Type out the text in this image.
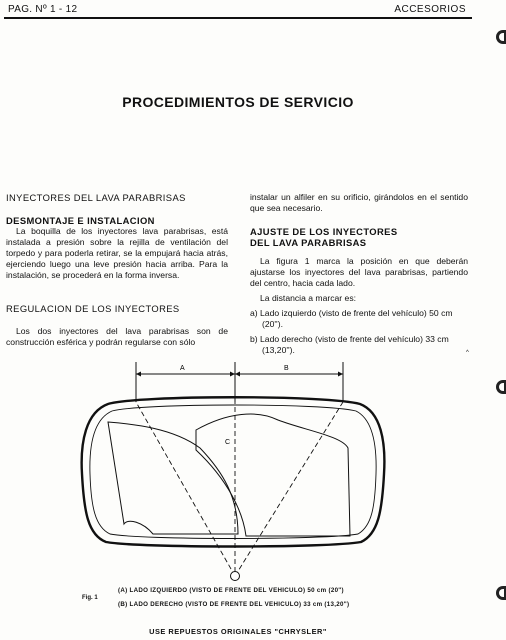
PAG. Nº 1 - 12	ACCESORIOS
PROCEDIMIENTOS DE SERVICIO

INYECTORES DEL LAVA PARABRISAS

DESMONTAJE E INSTALACION

La boquilla de los inyectores lava parabrisas, está instalada a presión sobre la rejilla de ventilación del torpedo y para poderla retirar, se la empujará hacia atrás, ejerciendo luego una leve presión hacia arriba. Para la instalación, se procederá en la forma inversa.

REGULACION DE LOS INYECTORES

Los dos inyectores del lava parabrisas son de construcción esférica y podrán regularse con sólo

instalar un alfiler en su orificio, girándolos en el sentido que sea necesario.

AJUSTE DE LOS INYECTORES

DEL LAVA PARABRISAS

La figura 1 marca la posición en que deberán ajustarse los inyectores del lava parabrisas, partiendo del centro, hacia cada lado.

La distancia a marcar es:

a) Lado izquierdo (visto de frente del vehículo) 50 cm (20'').

b) Lado derecho (visto de frente del vehículo) 33 cm (13,20'').	^
A	B
C
Fig. 1
(A) LADO IZQUIERDO (VISTO DE FRENTE DEL VEHICULO) 50 cm (20")
(B) LADO DERECHO (VISTO DE FRENTE DEL VEHICULO) 33 cm (13,20")
USE REPUESTOS ORIGINALES "CHRYSLER"
